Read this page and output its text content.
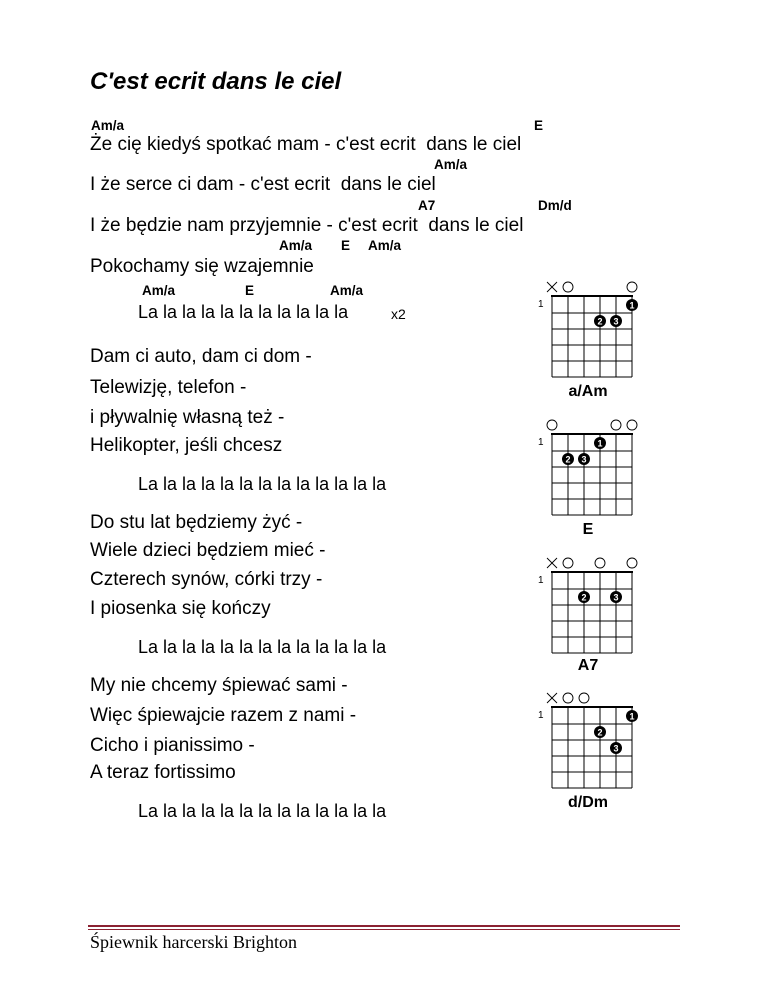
C'est ecrit dans le ciel
Am/a	E
Że cię kiedyś spotkać mam - c'est ecrit  dans le ciel
Am/a
I że serce ci dam - c'est ecrit  dans le ciel
A7	Dm/d
I że będzie nam przyjemnie - c'est ecrit  dans le ciel
Am/a E Am/a
Pokochamy się wzajemnie
Am/a	E	Am/a
La la la la la la la la la la la	x2
Dam ci auto, dam ci dom -
Telewizję, telefon -
i pływalnię własną też -
Helikopter, jeśli chcesz
La la la la la la la la la la la la la
Do stu lat będziemy żyć -
Wiele dzieci będziem mieć -
Czterech synów, córki trzy -
I piosenka się kończy
La la la la la la la la la la la la la
My nie chcemy śpiewać sami -
Więc śpiewajcie razem z nami -
Cicho i pianissimo -
A teraz fortissimo
La la la la la la la la la la la la la
1	1
2 3
a/Am
1	1
2 3
E
1
2	3
A7
1	1
2
3
d/Dm
Śpiewnik harcerski Brighton
